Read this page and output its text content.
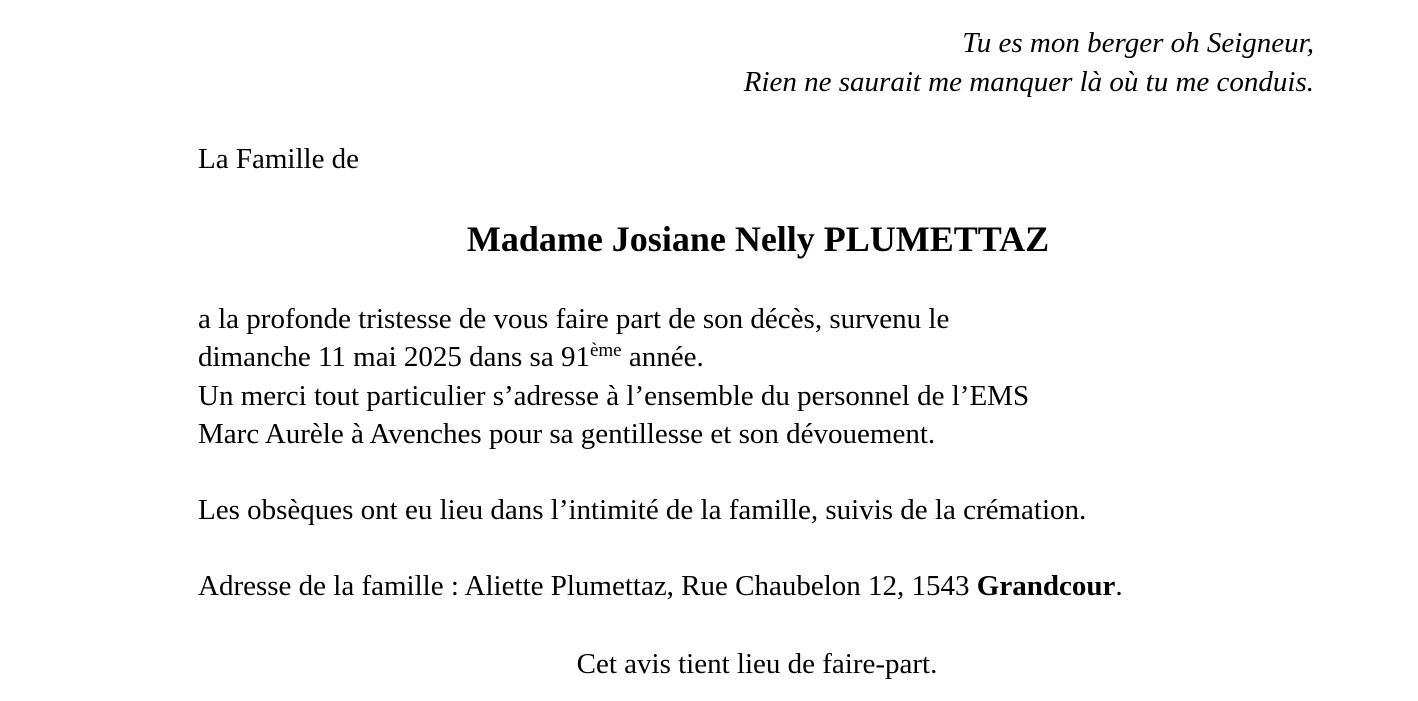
Tu es mon berger oh Seigneur,
Rien ne saurait me manquer là où tu me conduis.
La Famille de
Madame Josiane Nelly PLUMETTAZ
a la profonde tristesse de vous faire part de son décès, survenu le
dimanche 11 mai 2025 dans sa 91ème année.
Un merci tout particulier s’adresse à l’ensemble du personnel de l’EMS
Marc Aurèle à Avenches pour sa gentillesse et son dévouement.
Les obsèques ont eu lieu dans l’intimité de la famille, suivis de la crémation.
Adresse de la famille : Aliette Plumettaz, Rue Chaubelon 12, 1543 Grandcour.
Cet avis tient lieu de faire-part.
